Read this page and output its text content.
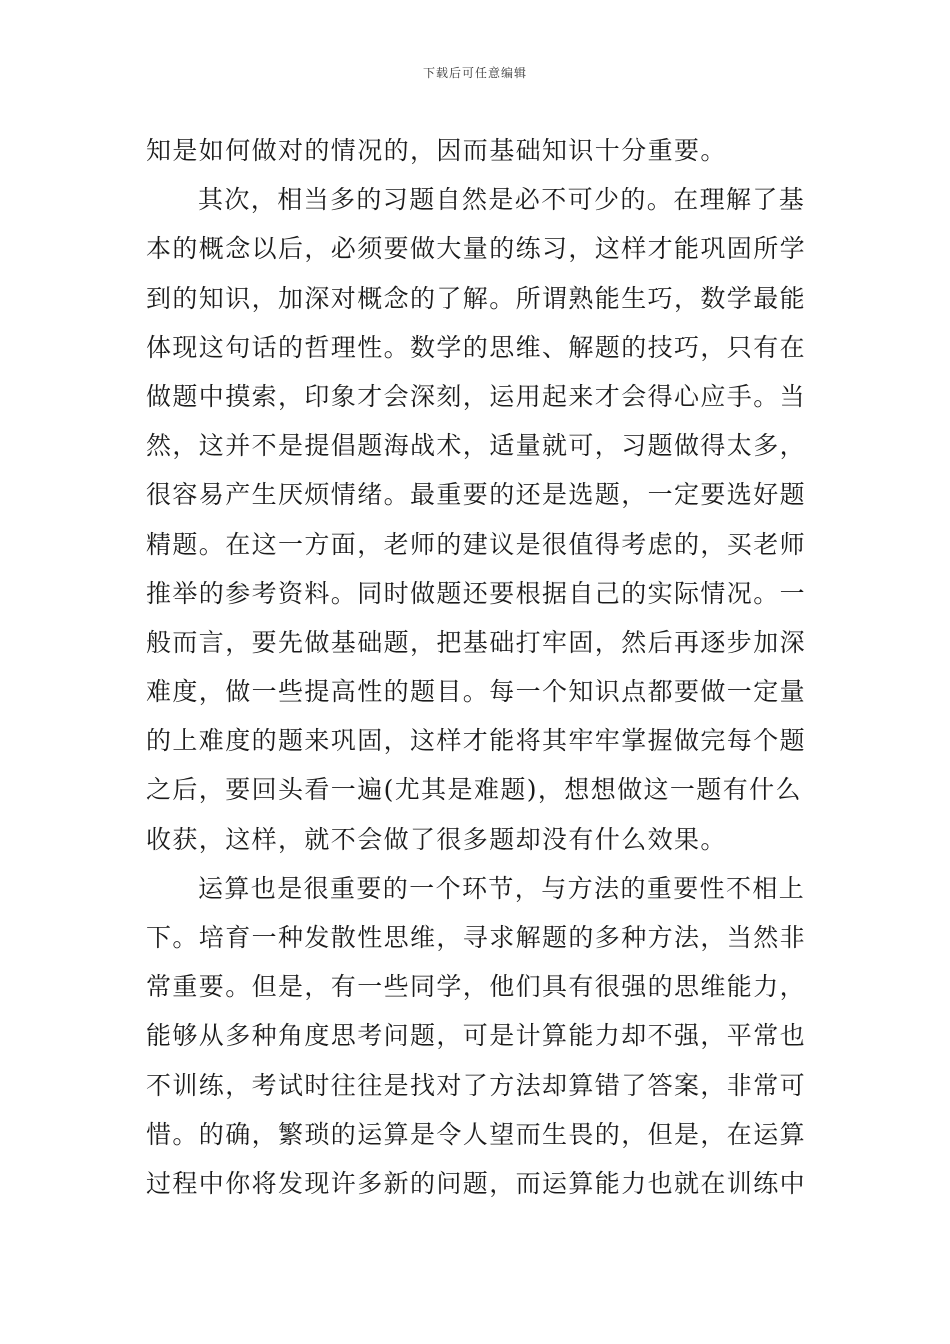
下载后可任意编辑
知是如何做对的情况的，因而基础知识十分重要。
其次，相当多的习题自然是必不可少的。在理解了基
本的概念以后，必须要做大量的练习，这样才能巩固所学
到的知识，加深对概念的了解。所谓熟能生巧，数学最能
体现这句话的哲理性。数学的思维、解题的技巧，只有在
做题中摸索，印象才会深刻，运用起来才会得心应手。当
然，这并不是提倡题海战术，适量就可，习题做得太多，
很容易产生厌烦情绪。最重要的还是选题，一定要选好题
精题。在这一方面，老师的建议是很值得考虑的，买老师
推举的参考资料。同时做题还要根据自己的实际情况。一
般而言，要先做基础题，把基础打牢固，然后再逐步加深
难度，做一些提高性的题目。每一个知识点都要做一定量
的上难度的题来巩固，这样才能将其牢牢掌握做完每个题
之后，要回头看一遍(尤其是难题)，想想做这一题有什么
收获，这样，就不会做了很多题却没有什么效果。
运算也是很重要的一个环节，与方法的重要性不相上
下。培育一种发散性思维，寻求解题的多种方法，当然非
常重要。但是，有一些同学，他们具有很强的思维能力，
能够从多种角度思考问题，可是计算能力却不强，平常也
不训练，考试时往往是找对了方法却算错了答案，非常可
惜。的确，繁琐的运算是令人望而生畏的，但是，在运算
过程中你将发现许多新的问题，而运算能力也就在训练中
